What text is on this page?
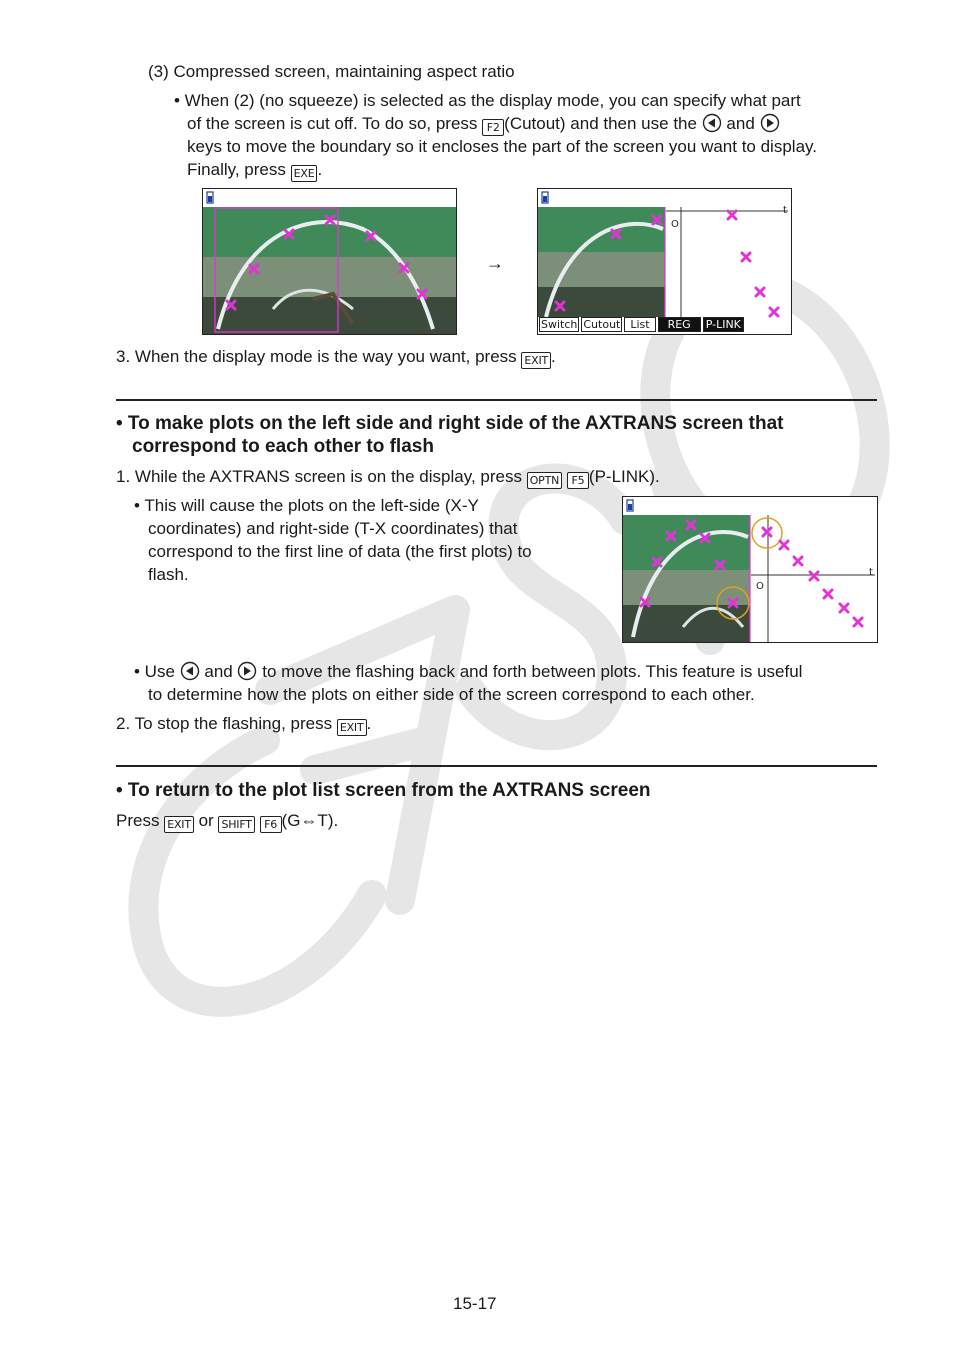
(3) Compressed screen, maintaining aspect ratio
• When (2) (no squeeze) is selected as the display mode, you can specify what part
of the screen is cut off. To do so, press F2 (Cutout) and then use the and
keys to move the boundary so it encloses the part of the screen you want to display.
Finally, press EXE .
→
O
t
Switch Cutout List	REG	P-LINK
3. When the display mode is the way you want, press EXIT .
• To make plots on the left side and right side of the AXTRANS screen that
correspond to each other to flash
1. While the AXTRANS screen is on the display, press OPTN F5 (P-LINK).
• This will cause the plots on the left-side (X-Y
coordinates) and right-side (T-X coordinates) that
correspond to the first line of data (the first plots) to
flash.
O
t
• Use and to move the flashing back and forth between plots. This feature is useful
to determine how the plots on either side of the screen correspond to each other.
2. To stop the flashing, press EXIT .
• To return to the plot list screen from the AXTRANS screen
Press EXIT or SHIFT F6 (G⇔T).
15-17
